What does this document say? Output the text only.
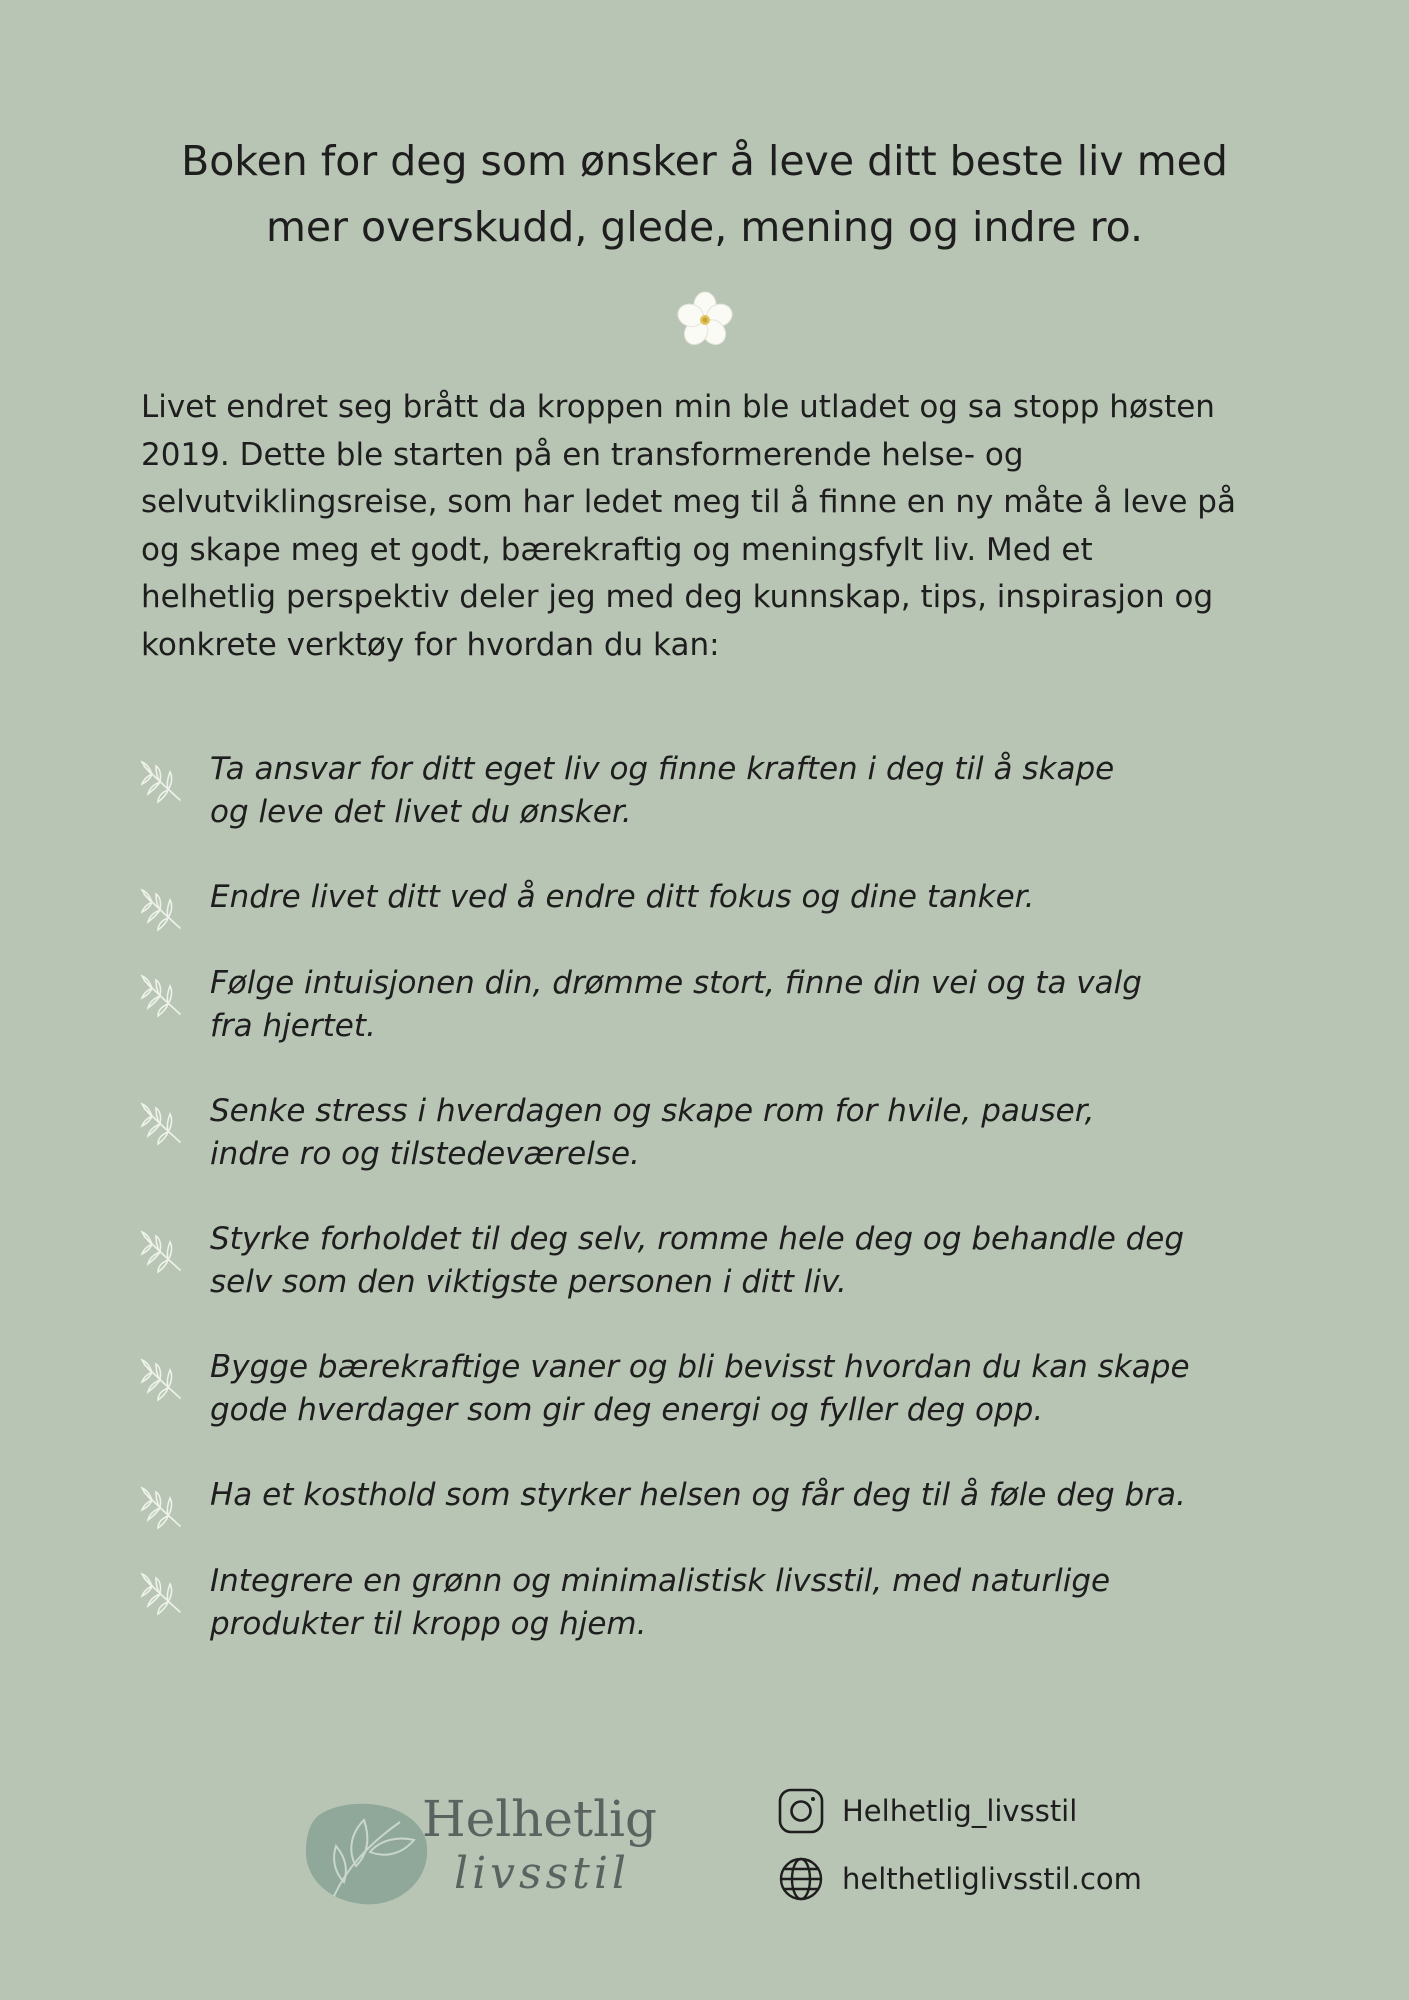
Boken for deg som ønsker å leve ditt beste liv med
mer overskudd, glede, mening og indre ro.

Livet endret seg brått da kroppen min ble utladet og sa stopp høsten
2019. Dette ble starten på en transformerende helse- og
selvutviklingsreise, som har ledet meg til å finne en ny måte å leve på
og skape meg et godt, bærekraftig og meningsfylt liv. Med et
helhetlig perspektiv deler jeg med deg kunnskap, tips, inspirasjon og
konkrete verktøy for hvordan du kan:

Ta ansvar for ditt eget liv og finne kraften i deg til å skape
og leve det livet du ønsker.
Endre livet ditt ved å endre ditt fokus og dine tanker.
Følge intuisjonen din, drømme stort, finne din vei og ta valg
fra hjertet.
Senke stress i hverdagen og skape rom for hvile, pauser,
indre ro og tilstedeværelse.
Styrke forholdet til deg selv, romme hele deg og behandle deg
selv som den viktigste personen i ditt liv.
Bygge bærekraftige vaner og bli bevisst hvordan du kan skape
gode hverdager som gir deg energi og fyller deg opp.
Ha et kosthold som styrker helsen og får deg til å føle deg bra.
Integrere en grønn og minimalistisk livsstil, med naturlige
produkter til kropp og hjem.
Helhetlig
livsstil
Helhetlig_livsstil
helthetliglivsstil.com
